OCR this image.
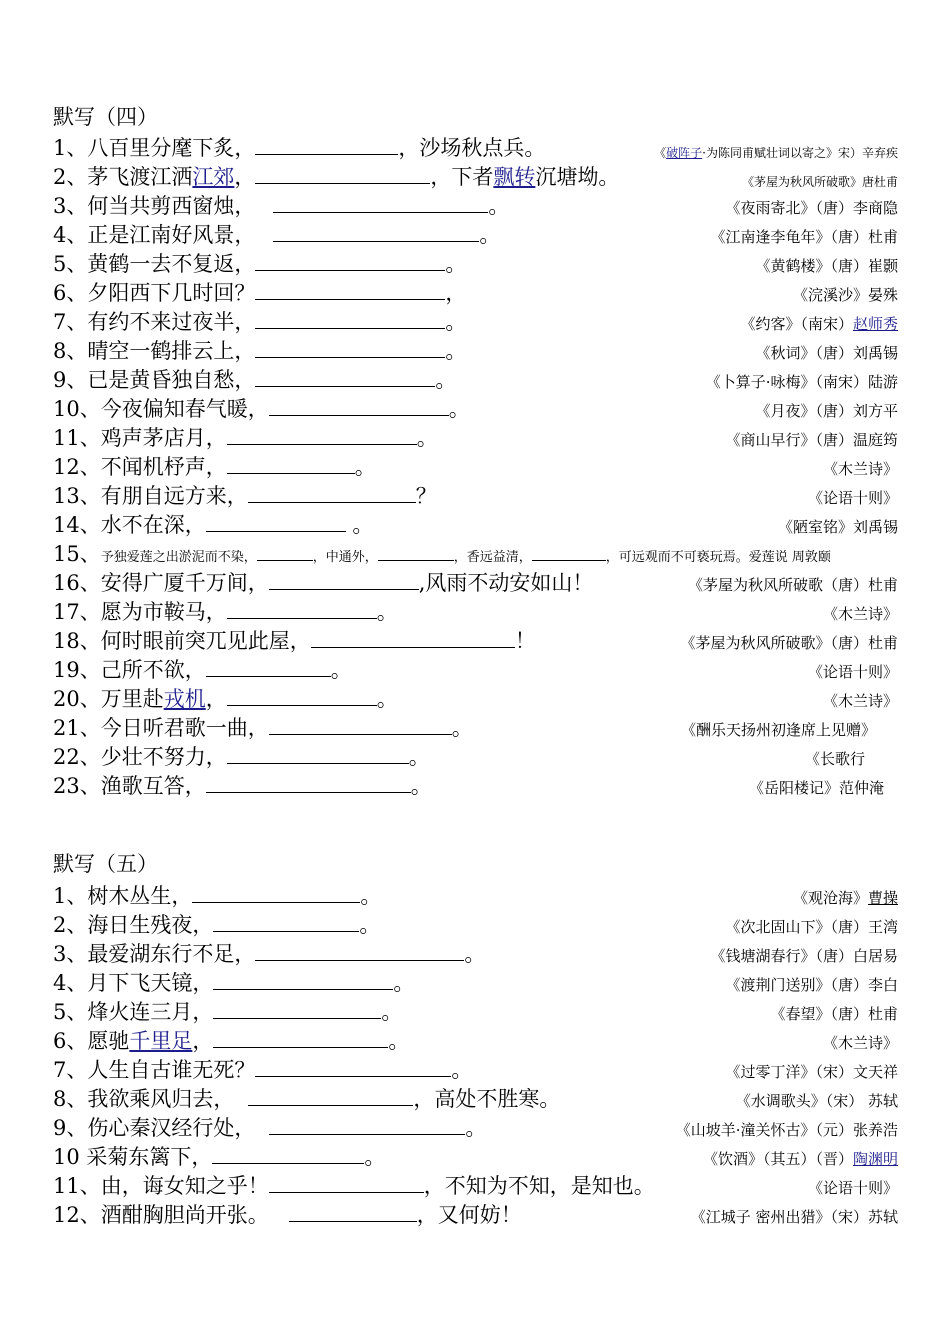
默写（四）
1、八百里分麾下炙，	，沙场秋点兵。	《破阵子·为陈同甫赋壮词以寄之》宋）辛弃疾
2、茅飞渡江洒江郊，	，下者飘转沉塘坳。	《茅屋为秋风所破歌》唐杜甫
3、何当共剪西窗烛，	。	《夜雨寄北》（唐）李商隐
4、正是江南好风景，	。	《江南逢李龟年》（唐）杜甫
5、黄鹤一去不复返，	。	《黄鹤楼》（唐）崔颢
6、夕阳西下几时回？	，	《浣溪沙》晏殊
7、有约不来过夜半，	。	《约客》（南宋）赵师秀
8、晴空一鹤排云上，	。	《秋词》（唐）刘禹锡
9、已是黄昏独自愁，	。	《卜算子·咏梅》（南宋）陆游
10、今夜偏知春气暖，	。	《月夜》（唐）刘方平
11、鸡声茅店月，	。	《商山早行》（唐）温庭筠
12、不闻机杼声，	。	《木兰诗》
13、有朋自远方来，	？	《论语十则》
14、水不在深，	。	《陋室铭》刘禹锡
15、予独爱莲之出淤泥而不染，	，中通外，	，香远益清，	，可远观而不可亵玩焉。爱莲说 周敦颐
16、安得广厦千万间，	,风雨不动安如山！	《茅屋为秋风所破歌（唐）杜甫
17、愿为市鞍马，	。	《木兰诗》
18、何时眼前突兀见此屋，	！	《茅屋为秋风所破歌》（唐）杜甫
19、己所不欲，	。	《论语十则》
20、万里赴戎机，	。	《木兰诗》
21、今日听君歌一曲，	。	《酬乐天扬州初逢席上见赠》
22、少壮不努力，	。	《长歌行
23、渔歌互答，	。	《岳阳楼记》范仲淹
默写（五）
1、树木丛生，	。	《观沧海》曹操
2、海日生残夜，	。	《次北固山下》（唐）王湾
3、最爱湖东行不足，	。	《钱塘湖春行》（唐）白居易
4、月下飞天镜，	。	《渡荆门送别》（唐）李白
5、烽火连三月，	。	《春望》（唐）杜甫
6、愿驰千里足，	。	《木兰诗》
7、人生自古谁无死？	。	《过零丁洋》（宋）文天祥
8、我欲乘风归去，	，高处不胜寒。	《水调歌头》（宋） 苏轼
9、伤心秦汉经行处，	。	《山坡羊·潼关怀古》（元）张养浩
10 采菊东篱下，	。	《饮酒》（其五）（晋）陶渊明
11、由，诲女知之乎！	，不知为不知，是知也。	《论语十则》
12、酒酣胸胆尚开张。	，又何妨！	《江城子 密州出猎》（宋）苏轼
